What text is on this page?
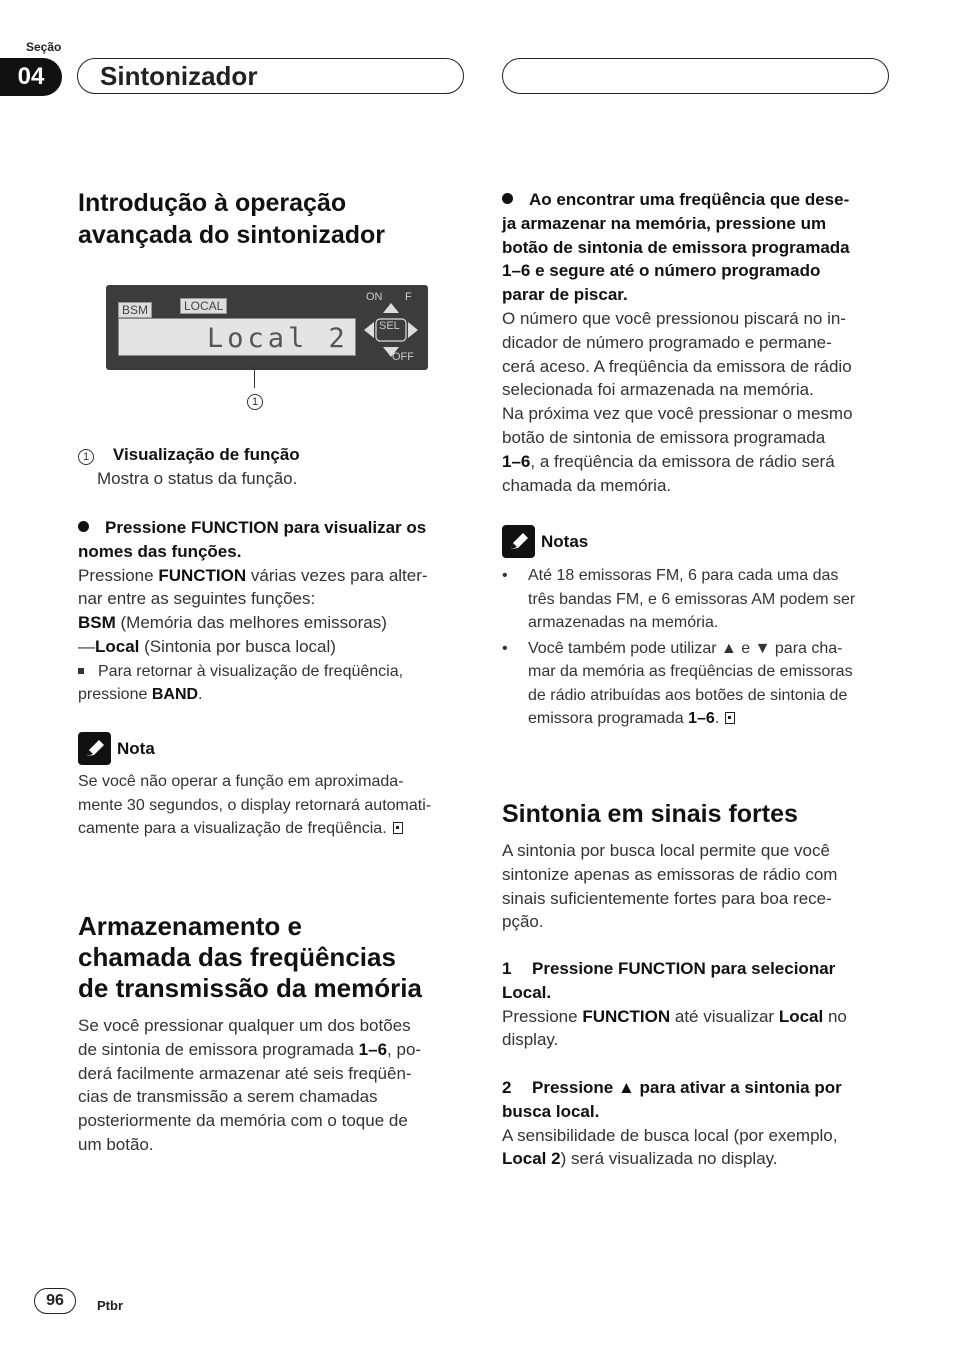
Seção
04	Sintonizador
Introdução à operação
avançada do sintonizador
BSM	LOCAL
Local 2
ON F
SEL
OFF
1

1 Visualização de função

Mostra o status da função.

Pressione FUNCTION para visualizar os

nomes das funções.

Pressione FUNCTION várias vezes para alter-

nar entre as seguintes funções:

BSM (Memória das melhores emissoras)

—Local (Sintonia por busca local)

Para retornar à visualização de freqüência,

pressione BAND.

Nota

Se você não operar a função em aproximada-

mente 30 segundos, o display retornará automati-

camente para a visualização de freqüência.

Armazenamento e
chamada das freqüências
de transmissão da memória

Se você pressionar qualquer um dos botões

de sintonia de emissora programada 1–6, po-

derá facilmente armazenar até seis freqüên-

cias de transmissão a serem chamadas

posteriormente da memória com o toque de

um botão.

Ao encontrar uma freqüência que dese-

ja armazenar na memória, pressione um

botão de sintonia de emissora programada

1–6 e segure até o número programado

parar de piscar.

O número que você pressionou piscará no in-

dicador de número programado e permane-

cerá aceso. A freqüência da emissora de rádio

selecionada foi armazenada na memória.

Na próxima vez que você pressionar o mesmo

botão de sintonia de emissora programada

1–6, a freqüência da emissora de rádio será

chamada da memória.

Notas
• Até 18 emissoras FM, 6 para cada uma das
três bandas FM, e 6 emissoras AM podem ser
armazenadas na memória.
• Você também pode utilizar ▲ e ▼ para cha-
mar da memória as freqüências de emissoras
de rádio atribuídas aos botões de sintonia de
emissora programada 1–6.
Sintonia em sinais fortes

A sintonia por busca local permite que você

sintonize apenas as emissoras de rádio com

sinais suficientemente fortes para boa rece-

pção.

1 Pressione FUNCTION para selecionar

Local.

Pressione FUNCTION até visualizar Local no

display.

2 Pressione ▲ para ativar a sintonia por

busca local.

A sensibilidade de busca local (por exemplo,

Local 2) será visualizada no display.

96	Ptbr
